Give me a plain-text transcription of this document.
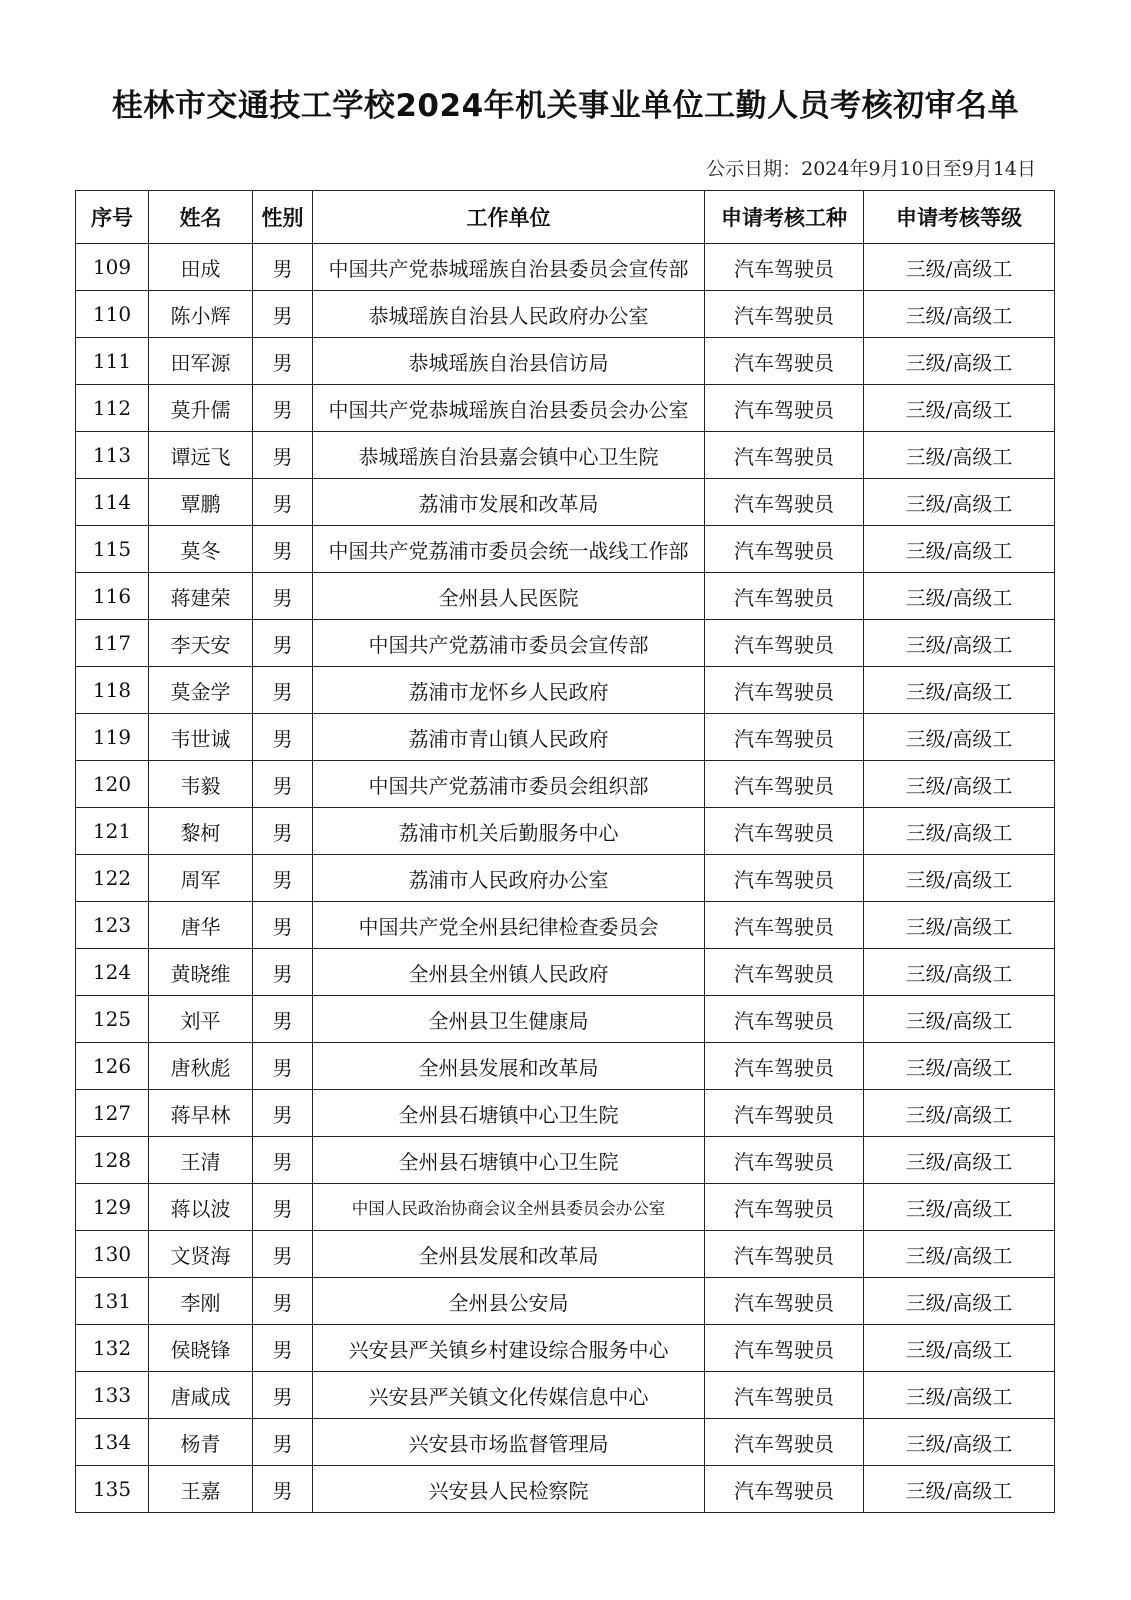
桂林市交通技工学校2024年机关事业单位工勤人员考核初审名单
公示日期：2024年9月10日至9月14日
序号	姓名	性别	工作单位	申请考核工种	申请考核等级
109	田成	男	中国共产党恭城瑶族自治县委员会宣传部	汽车驾驶员	三级/高级工
110	陈小辉	男	恭城瑶族自治县人民政府办公室	汽车驾驶员	三级/高级工
111	田军源	男	恭城瑶族自治县信访局	汽车驾驶员	三级/高级工
112	莫升儒	男	中国共产党恭城瑶族自治县委员会办公室	汽车驾驶员	三级/高级工
113	谭远飞	男	恭城瑶族自治县嘉会镇中心卫生院	汽车驾驶员	三级/高级工
114	覃鹏	男	荔浦市发展和改革局	汽车驾驶员	三级/高级工
115	莫冬	男	中国共产党荔浦市委员会统一战线工作部	汽车驾驶员	三级/高级工
116	蒋建荣	男	全州县人民医院	汽车驾驶员	三级/高级工
117	李天安	男	中国共产党荔浦市委员会宣传部	汽车驾驶员	三级/高级工
118	莫金学	男	荔浦市龙怀乡人民政府	汽车驾驶员	三级/高级工
119	韦世诚	男	荔浦市青山镇人民政府	汽车驾驶员	三级/高级工
120	韦毅	男	中国共产党荔浦市委员会组织部	汽车驾驶员	三级/高级工
121	黎柯	男	荔浦市机关后勤服务中心	汽车驾驶员	三级/高级工
122	周军	男	荔浦市人民政府办公室	汽车驾驶员	三级/高级工
123	唐华	男	中国共产党全州县纪律检查委员会	汽车驾驶员	三级/高级工
124	黄晓维	男	全州县全州镇人民政府	汽车驾驶员	三级/高级工
125	刘平	男	全州县卫生健康局	汽车驾驶员	三级/高级工
126	唐秋彪	男	全州县发展和改革局	汽车驾驶员	三级/高级工
127	蒋早林	男	全州县石塘镇中心卫生院	汽车驾驶员	三级/高级工
128	王清	男	全州县石塘镇中心卫生院	汽车驾驶员	三级/高级工
129	蒋以波	男	中国人民政治协商会议全州县委员会办公室	汽车驾驶员	三级/高级工
130	文贤海	男	全州县发展和改革局	汽车驾驶员	三级/高级工
131	李刚	男	全州县公安局	汽车驾驶员	三级/高级工
132	侯晓锋	男	兴安县严关镇乡村建设综合服务中心	汽车驾驶员	三级/高级工
133	唐咸成	男	兴安县严关镇文化传媒信息中心	汽车驾驶员	三级/高级工
134	杨青	男	兴安县市场监督管理局	汽车驾驶员	三级/高级工
135	王嘉	男	兴安县人民检察院	汽车驾驶员	三级/高级工
